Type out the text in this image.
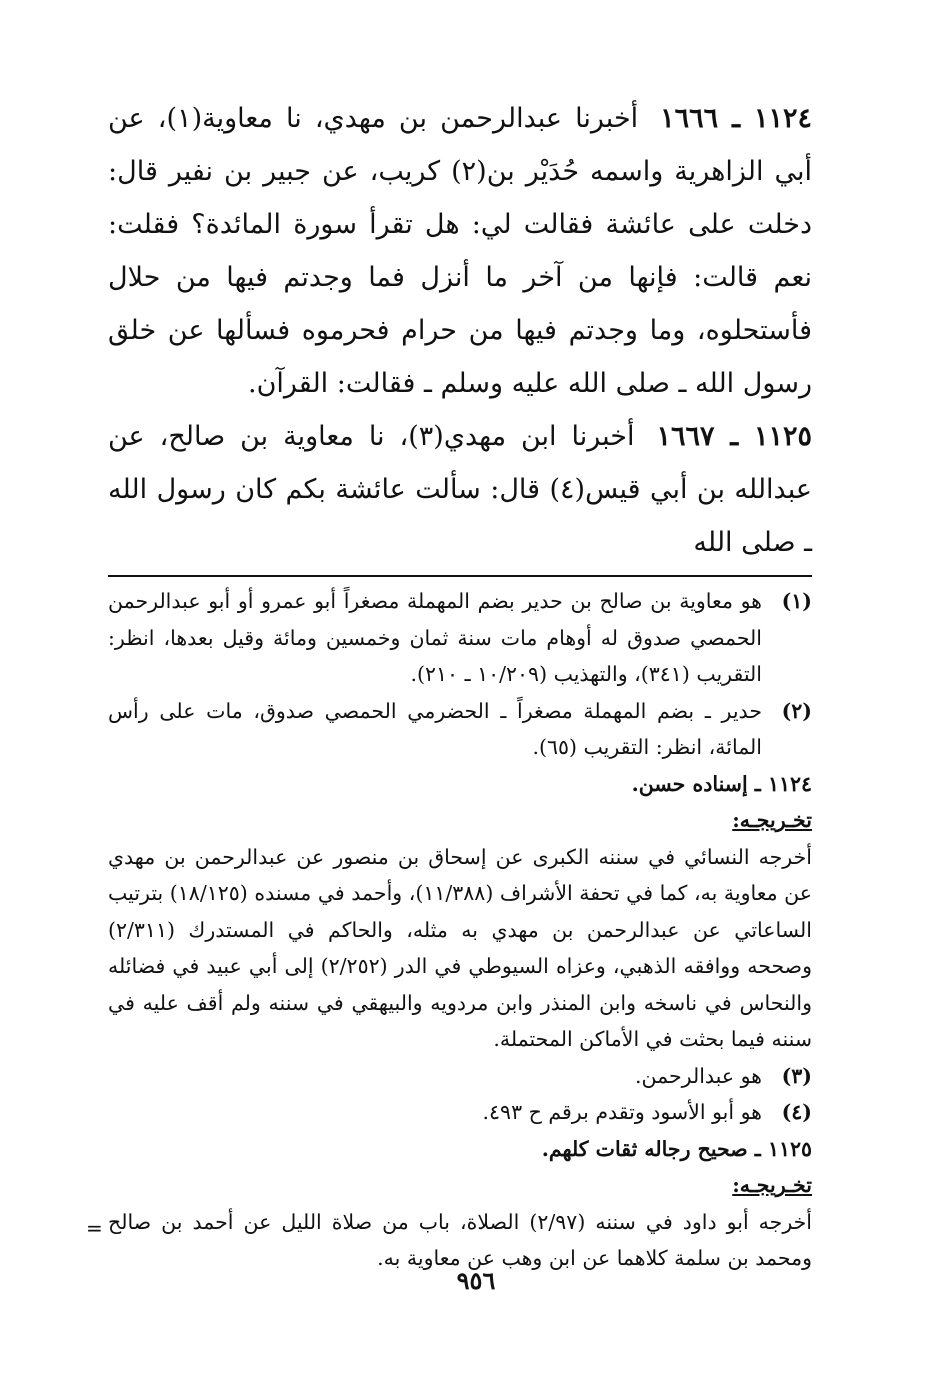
١١٢٤ ـ ١٦٦٦أخبرنا عبدالرحمن بن مهدي، نا معاوية(١)، عن أبي الزاهرية واسمه حُدَيْر بن(٢) كريب، عن جبير بن نفير قال: دخلت على عائشة فقالت لي: هل تقرأ سورة المائدة؟ فقلت: نعم قالت: فإنها من آخر ما أنزل فما وجدتم فيها من حلال فأستحلوه، وما وجدتم فيها من حرام فحرموه فسألها عن خلق رسول الله ـ صلى الله عليه وسلم ـ فقالت: القرآن.

١١٢٥ ـ ١٦٦٧أخبرنا ابن مهدي(٣)، نا معاوية بن صالح، عن عبدالله بن أبي قيس(٤) قال: سألت عائشة بكم كان رسول الله ـ صلى الله

(١)
هو معاوية بن صالح بن حدير بضم المهملة مصغراً أبو عمرو أو أبو عبدالرحمن الحمصي صدوق له أوهام مات سنة ثمان وخمسين ومائة وقيل بعدها، انظر: التقريب (٣٤١)، والتهذيب (١٠/٢٠٩ ـ ٢١٠).
(٢)
حدير ـ بضم المهملة مصغراً ـ الحضرمي الحمصي صدوق، مات على رأس المائة، انظر: التقريب (٦٥).

١١٢٤ ـ إسناده حسن.

تخـريجـه:

أخرجه النسائي في سننه الكبرى عن إسحاق بن منصور عن عبدالرحمن بن مهدي عن معاوية به، كما في تحفة الأشراف (١١/٣٨٨)، وأحمد في مسنده (١٨/١٢٥) بترتيب الساعاتي عن عبدالرحمن بن مهدي به مثله، والحاكم في المستدرك (٢/٣١١) وصححه ووافقه الذهبي، وعزاه السيوطي في الدر (٢/٢٥٢) إلى أبي عبيد في فضائله والنحاس في ناسخه وابن المنذر وابن مردويه والبيهقي في سننه ولم أقف عليه في سننه فيما بحثت في الأماكن المحتملة.

(٣)
هو عبدالرحمن.
(٤)
هو أبو الأسود وتقدم برقم ح ٤٩٣.

١١٢٥ ـ صحيح رجاله ثقات كلهم.

تخـريجـه:

أخرجه أبو داود في سننه (٢/٩٧) الصلاة، باب من صلاة الليل عن أحمد بن صالح ومحمد بن سلمة كلاهما عن ابن وهب عن معاوية به.

=
٩٥٦
